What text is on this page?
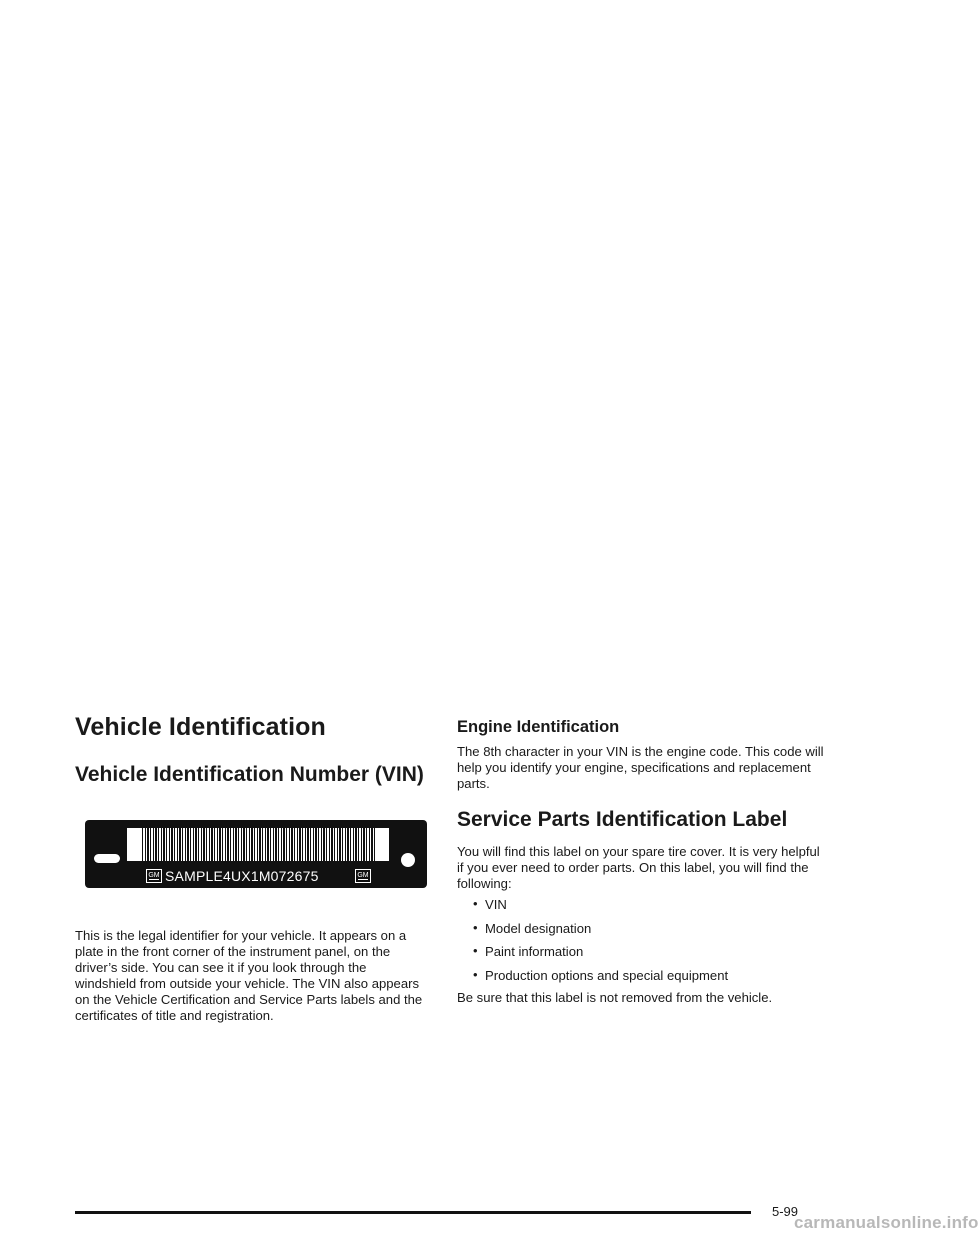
Vehicle Identification
Vehicle Identification Number (VIN)
GM SAMPLE4UX1M072675	GM

This is the legal identifier for your vehicle. It appears on a plate in the front corner of the instrument panel, on the driver’s side. You can see it if you look through the windshield from outside your vehicle. The VIN also appears on the Vehicle Certification and Service Parts labels and the certificates of title and registration.

Engine Identification

The 8th character in your VIN is the engine code. This code will help you identify your engine, specifications and replacement parts.

Service Parts Identification Label

You will find this label on your spare tire cover. It is very helpful if you ever need to order parts. On this label, you will find the following:

• VIN
• Model designation
• Paint information
• Production options and special equipment

Be sure that this label is not removed from the vehicle.

5-99
carmanualsonline.info
